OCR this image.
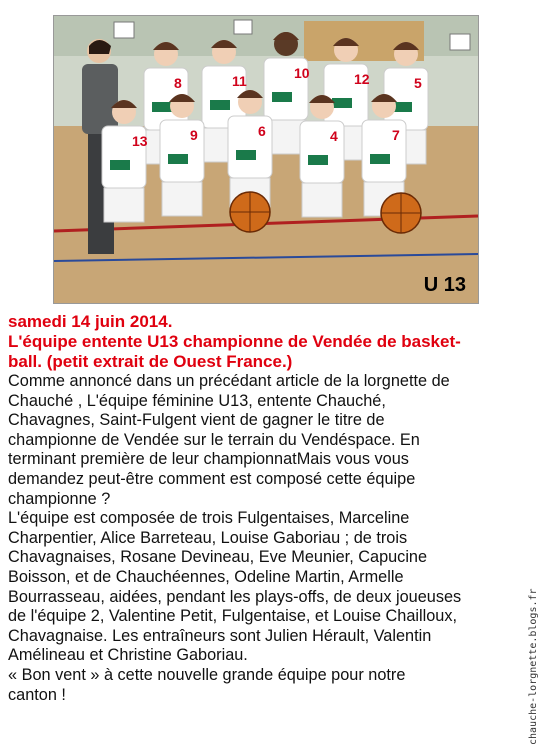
8	11	10	12	5
13	9	6	4	7
U 13

samedi 14 juin 2014.

L'équipe entente U13 championne de Vendée de basket-

ball. (petit extrait de Ouest France.)

Comme annoncé dans un précédant article de la lorgnette de

Chauché , L'équipe féminine U13, entente Chauché,

Chavagnes, Saint-Fulgent vient de gagner le titre de

championne de Vendée sur le terrain du Vendéspace. En

terminant première de leur championnatMais vous vous

demandez peut-être comment est composé cette équipe

championne ?

L'équipe est composée de trois Fulgentaises, Marceline

Charpentier, Alice Barreteau, Louise Gaboriau ; de trois

Chavagnaises, Rosane Devineau, Eve Meunier, Capucine

Boisson, et de Chauchéennes, Odeline Martin, Armelle

Bourrasseau, aidées, pendant les plays-offs, de deux joueuses

de l'équipe 2, Valentine Petit, Fulgentaise, et Louise Chailloux,

Chavagnaise. Les entraîneurs sont Julien Hérault, Valentin

Amélineau et Christine Gaboriau.

« Bon vent » à cette nouvelle grande équipe pour notre

canton !	chauche-lorgnette.blogs.fr
